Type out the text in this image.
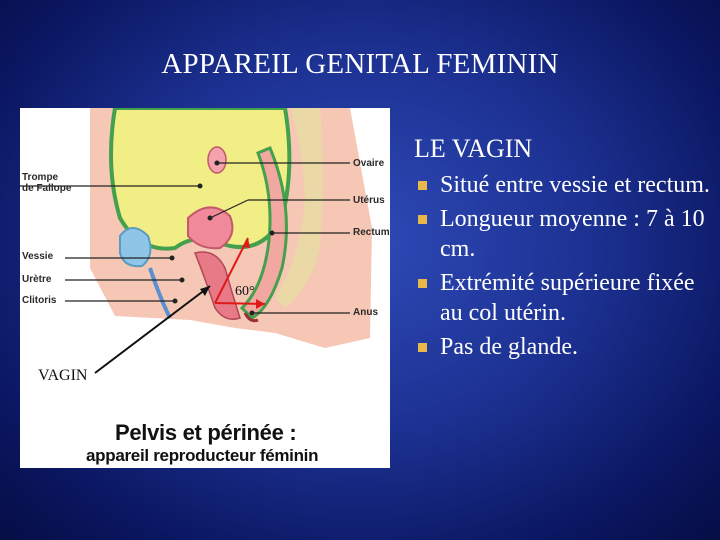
APPAREIL GENITAL FEMININ
Trompe
de Fallope
Vessie
Urètre
Clitoris
Ovaire
Utérus
Rectum
Anus
60°
VAGIN
Pelvis et périnée :
appareil reproducteur féminin
LE VAGIN
Situé entre vessie et rectum.
Longueur moyenne : 7 à 10 cm.
Extrémité supérieure fixée au col utérin.
Pas de glande.
